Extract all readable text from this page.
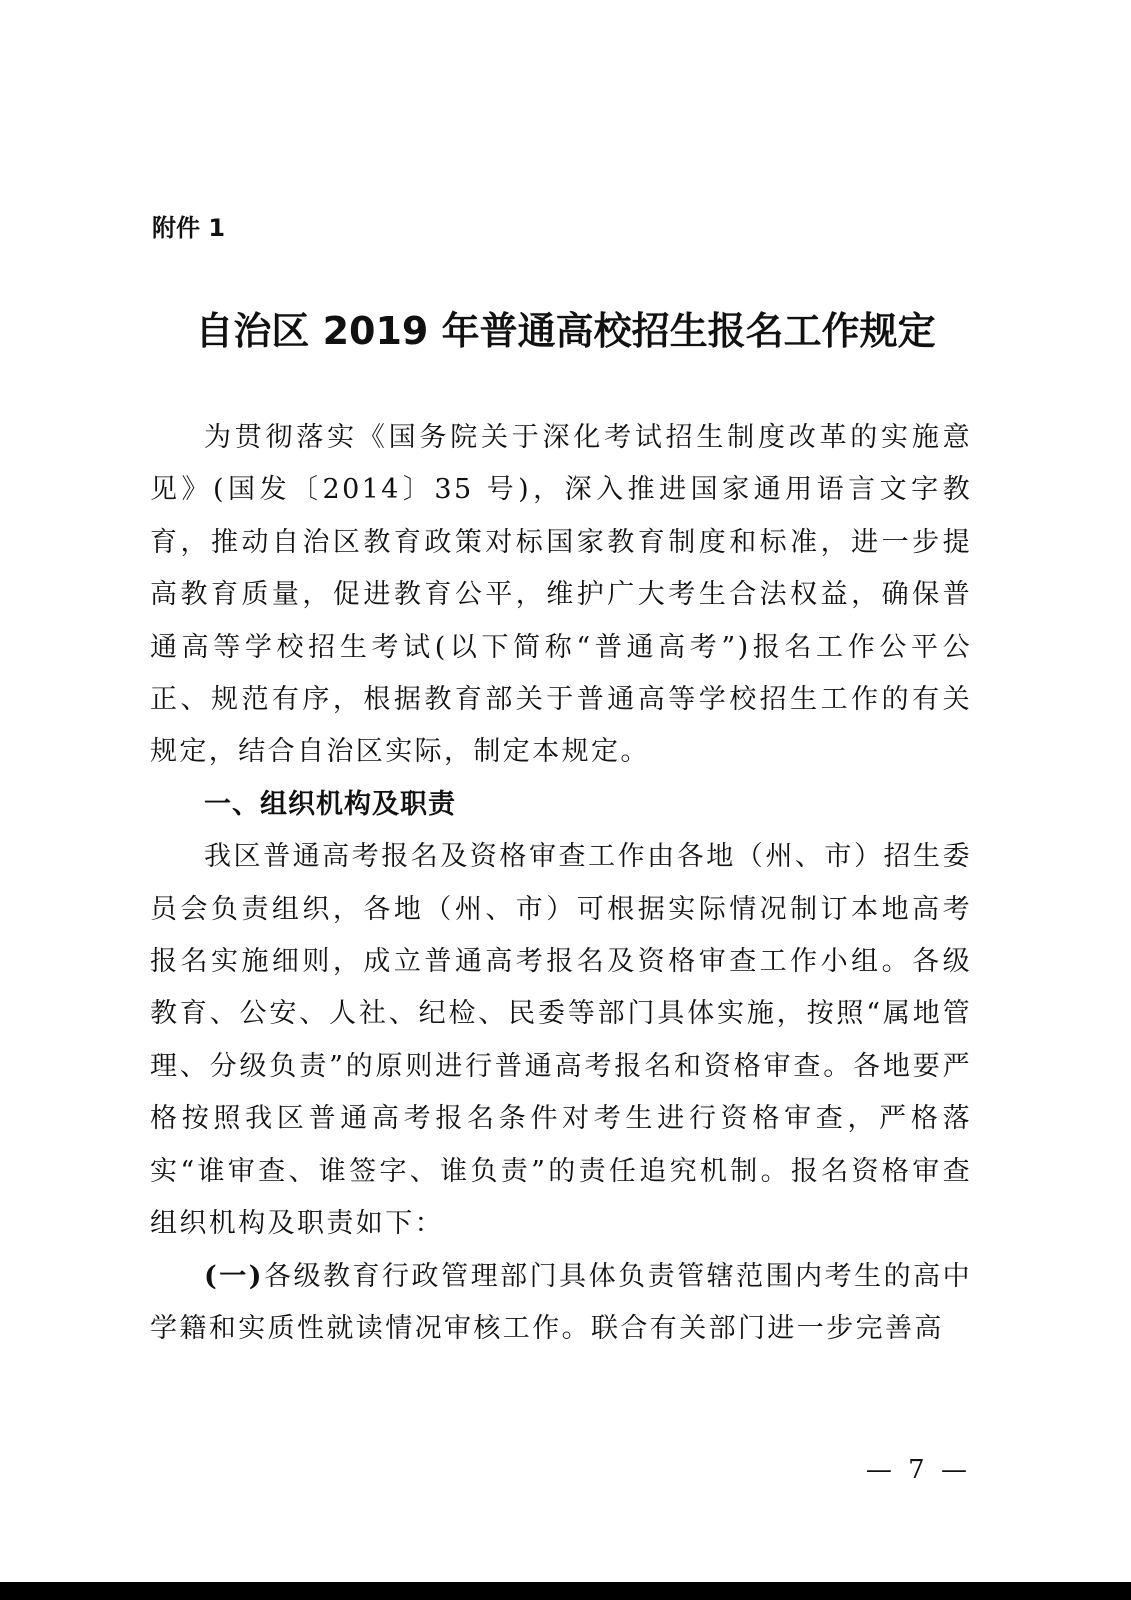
附件 1
自治区 2019 年普通高校招生报名工作规定

为贯彻落实《国务院关于深化考试招生制度改革的实施意见》(国发〔2014〕35 号)，深入推进国家通用语言文字教育，推动自治区教育政策对标国家教育制度和标准，进一步提高教育质量，促进教育公平，维护广大考生合法权益，确保普通高等学校招生考试(以下简称“普通高考”)报名工作公平公正、规范有序，根据教育部关于普通高等学校招生工作的有关规定，结合自治区实际，制定本规定。

一、组织机构及职责

我区普通高考报名及资格审查工作由各地（州、市）招生委员会负责组织，各地（州、市）可根据实际情况制订本地高考报名实施细则，成立普通高考报名及资格审查工作小组。各级教育、公安、人社、纪检、民委等部门具体实施，按照“属地管理、分级负责”的原则进行普通高考报名和资格审查。各地要严格按照我区普通高考报名条件对考生进行资格审查，严格落实“谁审查、谁签字、谁负责”的责任追究机制。报名资格审查组织机构及职责如下：

(一)各级教育行政管理部门具体负责管辖范围内考生的高中学籍和实质性就读情况审核工作。联合有关部门进一步完善高

— 7 —
